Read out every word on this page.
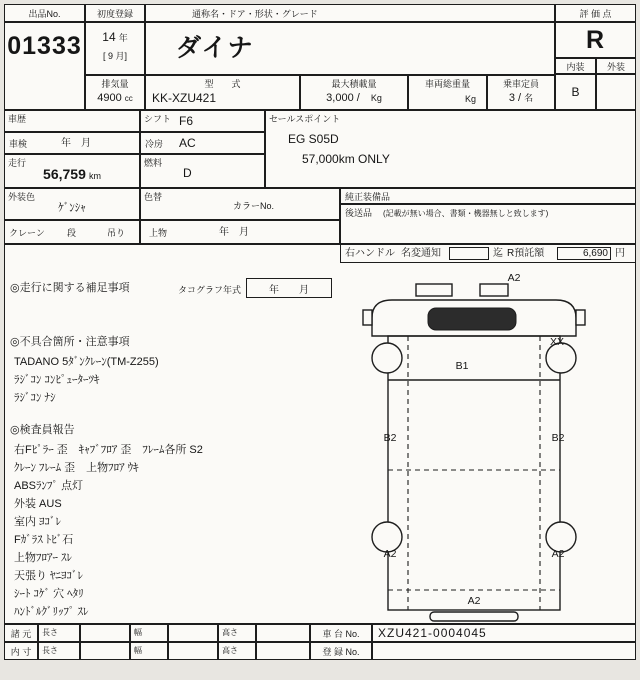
出品No.
01333
初度登録
14 年
[ 9 月]
排気量
4900 cc
通称名・ドア・形状・グレード
ダイナ
型　　式
KK-XZU421
最大積載量
3,000 /　 Kg
車両総重量
Kg
乗車定員
3 / 名
評 価 点
R
内装	外装
B
車歴	シフト F6
車検	年　月	冷房 AC
走行
56,759 km
燃料
D
外装色
ｹﾞﾝｼｬ
色替
カラーNo.
クレーン 段	吊り	上物	年　月
セールスポイント
EG S05D
57,000km ONLY
純正装備品
後送品 (記載が無い場合、書類・機器無しと致します)
右ハンドル 名変通知	迄 R預託額	6,690 円
◎走行に関する補足事項	タコグラフ年式	年　　月
◎不具合箇所・注意事項
TADANO 5ﾀﾞﾝｸﾚｰﾝ(TM-Z255)
ﾗｼﾞｺﾝ ｺﾝﾋﾟｭｰﾀｰﾂｷ
ﾗｼﾞｺﾝ ﾅｼ
◎検査員報告
右Fﾋﾟﾗｰ 歪　ｷｬﾌﾞﾌﾛｱ 歪　ﾌﾚｰﾑ各所 S2
ｸﾚｰﾝ ﾌﾚｰﾑ 歪　上物ﾌﾛｱ ｳｷ
ABSﾗﾝﾌﾟ 点灯
外装 AUS
室内 ﾖｺﾞﾚ
Fｶﾞﾗｽ ﾄﾋﾞ石
上物ﾌﾛｱｰ ｽﾚ
天張り ﾔﾆﾖｺﾞﾚ
ｼｰﾄ ｺｹﾞ 穴 ﾍﾀﾘ
ﾊﾝﾄﾞﾙｸﾞﾘｯﾌﾟ ｽﾚ
A2
XX
B1
B2	B2
A2	A2
A2
諸 元	長さ	幅	高さ	車 台 No.	XZU421-0004045
内 寸	長さ	幅	高さ	登 録 No.
